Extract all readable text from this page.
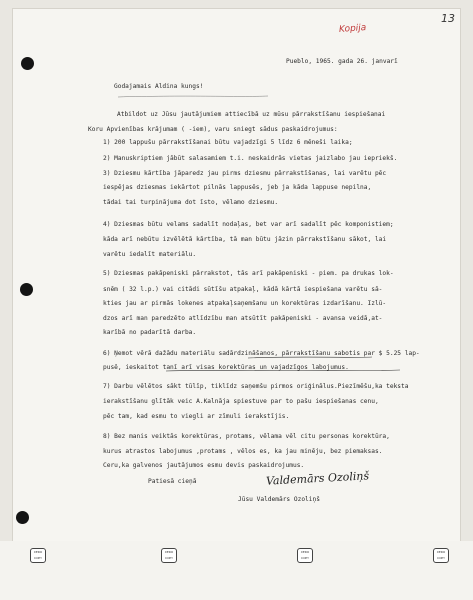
Kopija
13
Pueblo, 1965. gada 26. janvarī
Godajamais Aldina kungs!
Atbildot uz Jūsu jautājumiem attiecībā uz mūsu pārrakstīšanu iespiešanai
Koru Apvienības krājumam ( -iem), varu sniegt sādus paskaidrojumus:
1) 200 lappušu pārrakstīšanai būtu vajadzīgi 5 līdz 6 mēneši laika;
2) Manuskriptiem jābūt salasamiem t.i. neskaidrās vietas jaizlabo jau iepriekš.
3) Dziesmu kārtība jāparedz jau pirms dziesmu pārrakstīšanas, lai varētu pēc
iespējas dziesmas iekārtot pilnās lappusēs, jeb ja kāda lappuse nepilna,
tādai tai turpinājuma dot īsto, vēlamo dziesmu.
4) Dziesmas būtu velams sadalīt nodaļas, bet var arī sadalīt pēc komponistiem;
kāda arī nebūtu izvēlētā kārtība, tā man būtu jāzin pārrakstīšanu sākot, lai
varētu iedalīt materiālu.
5) Dziesmas pakāpeniski pārrakstot, tās arī pakāpeniski - piem. pa drukas lok-
snēm ( 32 l.p.) vai citādi sūtīšu atpakaļ, kādā kārtā iespiešana varētu sā-
kties jau ar pirmās lokenes atpakaļsaņemšanu un korektūras izdarīšanu. Izlū-
dzos arī man paredzēto atlīdzību man atsūtīt pakāpeniski - avansa veidā,at-
karībā no padarītā darba.
6) Ņemot vērā dažādu materiālu sadārdzināšanos, pārrakstīšanu sabotis par $ 5.25 lap-
pusē, ieskaitot tanī arī visas korektūras un vajadzīgos labojumus.
7) Darbu vēlētos sākt tūlīp, tiklīdz saņemšu pirmos oriģinālus.Piezīmēšu,ka teksta
ierakstīšanu glītāk veic A.Kalnāja spiestuve par to pašu iespiešanas cenu,
pēc tam, kad esmu to viegli ar zīmuli ierakstījis.
8) Bez manis veiktās korektūras, protams, vēlama vēl citu personas korektūra,
kurus atrastos labojumus ,protams , vēlos es, ka jau minēju, bez piemaksas.
Ceru,ka galvenos jautājumos esmu devis paskaidrojumus.
Patiesā cieņā
Jūsu Valdemārs Ozoliņš
Valdemārs Ozoliņš
XERO COPY
XERO COPY
XERO COPY
XERO COPY
